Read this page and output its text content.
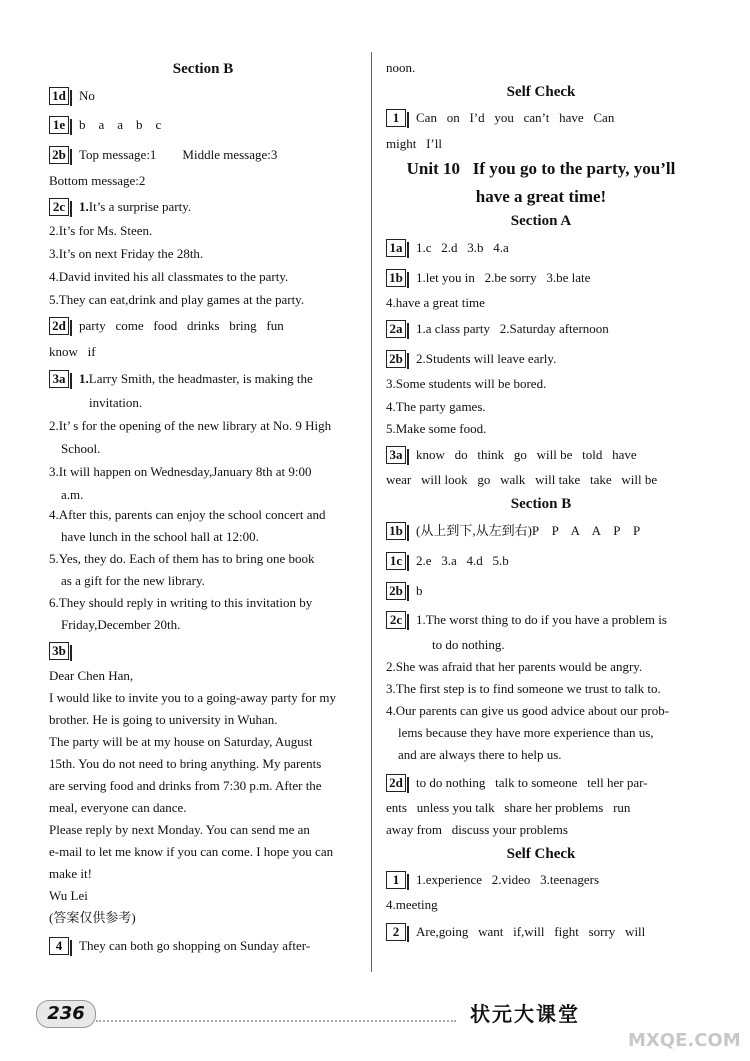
Section B
1d No
1e b    a    a    b    c
2b Top message:1        Middle message:3
Bottom message:2
2c 1.It’s a surprise party.
2.It’s for Ms. Steen.
3.It’s on next Friday the 28th.
4.David invited his all classmates to the party.
5.They can eat,drink and play games at the party.
2d party   come   food   drinks   bring   fun
know   if
3a 1.Larry Smith, the headmaster, is making the
invitation.
2.It’ s for the opening of the new library at No. 9 High
School.
3.It will happen on Wednesday,January 8th at 9:00
a.m.
4.After this, parents can enjoy the school concert and
have lunch in the school hall at 12:00.
5.Yes, they do. Each of them has to bring one book
as a gift for the new library.
6.They should reply in writing to this invitation by
Friday,December 20th.
3b
Dear Chen Han,
I would like to invite you to a going-away party for my
brother. He is going to university in Wuhan.
The party will be at my house on Saturday, August
15th. You do not need to bring anything. My parents
are serving food and drinks from 7:30 p.m. After the
meal, everyone can dance.
Please reply by next Monday. You can send me an
e-mail to let me know if you can come. I hope you can
make it!
Wu Lei
(答案仅供参考)
4 They can both go shopping on Sunday after-
noon.
Self Check
1 Can   on   I’d   you   can’t   have   Can
might   I’ll
Unit 10   If you go to the party, you’ll
have a great time!
Section A
1a 1.c   2.d   3.b   4.a
1b 1.let you in   2.be sorry   3.be late
4.have a great time
2a 1.a class party   2.Saturday afternoon
2b 2.Students will leave early.
3.Some students will be bored.
4.The party games.
5.Make some food.
3a know   do   think   go   will be   told   have
wear   will look   go   walk   will take   take   will be
Section B
1b (从上到下,从左到右)P    P    A    A    P    P
1c 2.e   3.a   4.d   5.b
2b b
2c 1.The worst thing to do if you have a problem is
to do nothing.
2.She was afraid that her parents would be angry.
3.The first step is to find someone we trust to talk to.
4.Our parents can give us good advice about our prob-
lems because they have more experience than us,
and are always there to help us.
2d to do nothing   talk to someone   tell her par-
ents   unless you talk   share her problems   run
away from   discuss your problems
Self Check
1 1.experience   2.video   3.teenagers
4.meeting
2 Are,going   want   if,will   fight   sorry   will
236	状元大课堂
MXQE.COM
